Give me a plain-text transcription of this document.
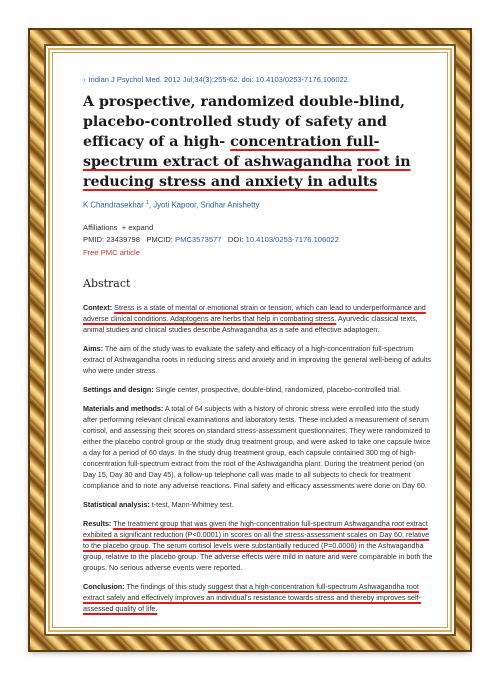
› Indian J Psychol Med. 2012 Jul;34(3):255-62. doi: 10.4103/0253-7176.106022.
A prospective, randomized double-blind, placebo-controlled study of safety and efficacy of a high- concentration full-spectrum extract of ashwagandha root in reducing stress and anxiety in adults
K Chandrasekhar $^1$, Jyoti Kapoor, Sridhar Anishetty
Affiliations + expand
PMID: 23439798 PMCID: PMC3573577 DOI: 10.4103/0253-7176.106022
Free PMC article
Abstract

Context: Stress is a state of mental or emotional strain or tension, which can lead to underperformance and adverse clinical conditions. Adaptogens are herbs that help in combating stress. Ayurvedic classical texts, animal studies and clinical studies describe Ashwagandha as a safe and effective adaptogen.

Aims: The aim of the study was to evaluate the safety and efficacy of a high-concentration full-spectrum extract of Ashwagandha roots in reducing stress and anxiety and in improving the general well-being of adults who were under stress.

Settings and design: Single center, prospective, double-blind, randomized, placebo-controlled trial.

Materials and methods: A total of 64 subjects with a history of chronic stress were enrolled into the study after performing relevant clinical examinations and laboratory tests. These included a measurement of serum cortisol, and assessing their scores on standard stress-assessment questionnaires. They were randomized to either the placebo control group or the study drug treatment group, and were asked to take one capsule twice a day for a period of 60 days. In the study drug treatment group, each capsule contained 300 mg of high-concentration full-spectrum extract from the root of the Ashwagandha plant. During the treatment period (on Day 15, Day 30 and Day 45), a follow-up telephone call was made to all subjects to check for treatment compliance and to note any adverse reactions. Final safety and efficacy assessments were done on Day 60.

Statistical analysis: t-test, Mann-Whitney test.

Results: The treatment group that was given the high-concentration full-spectrum Ashwagandha root extract exhibited a significant reduction (P<0.0001) in scores on all the stress-assessment scales on Day 60, relative to the placebo group. The serum cortisol levels were substantially reduced (P=0.0006) in the Ashwagandha group, relative to the placebo group. The adverse effects were mild in nature and were comparable in both the groups. No serious adverse events were reported.

Conclusion: The findings of this study suggest that a high-concentration full-spectrum Ashwagandha root extract safely and effectively improves an individual's resistance towards stress and thereby improves self-assessed quality of life.
